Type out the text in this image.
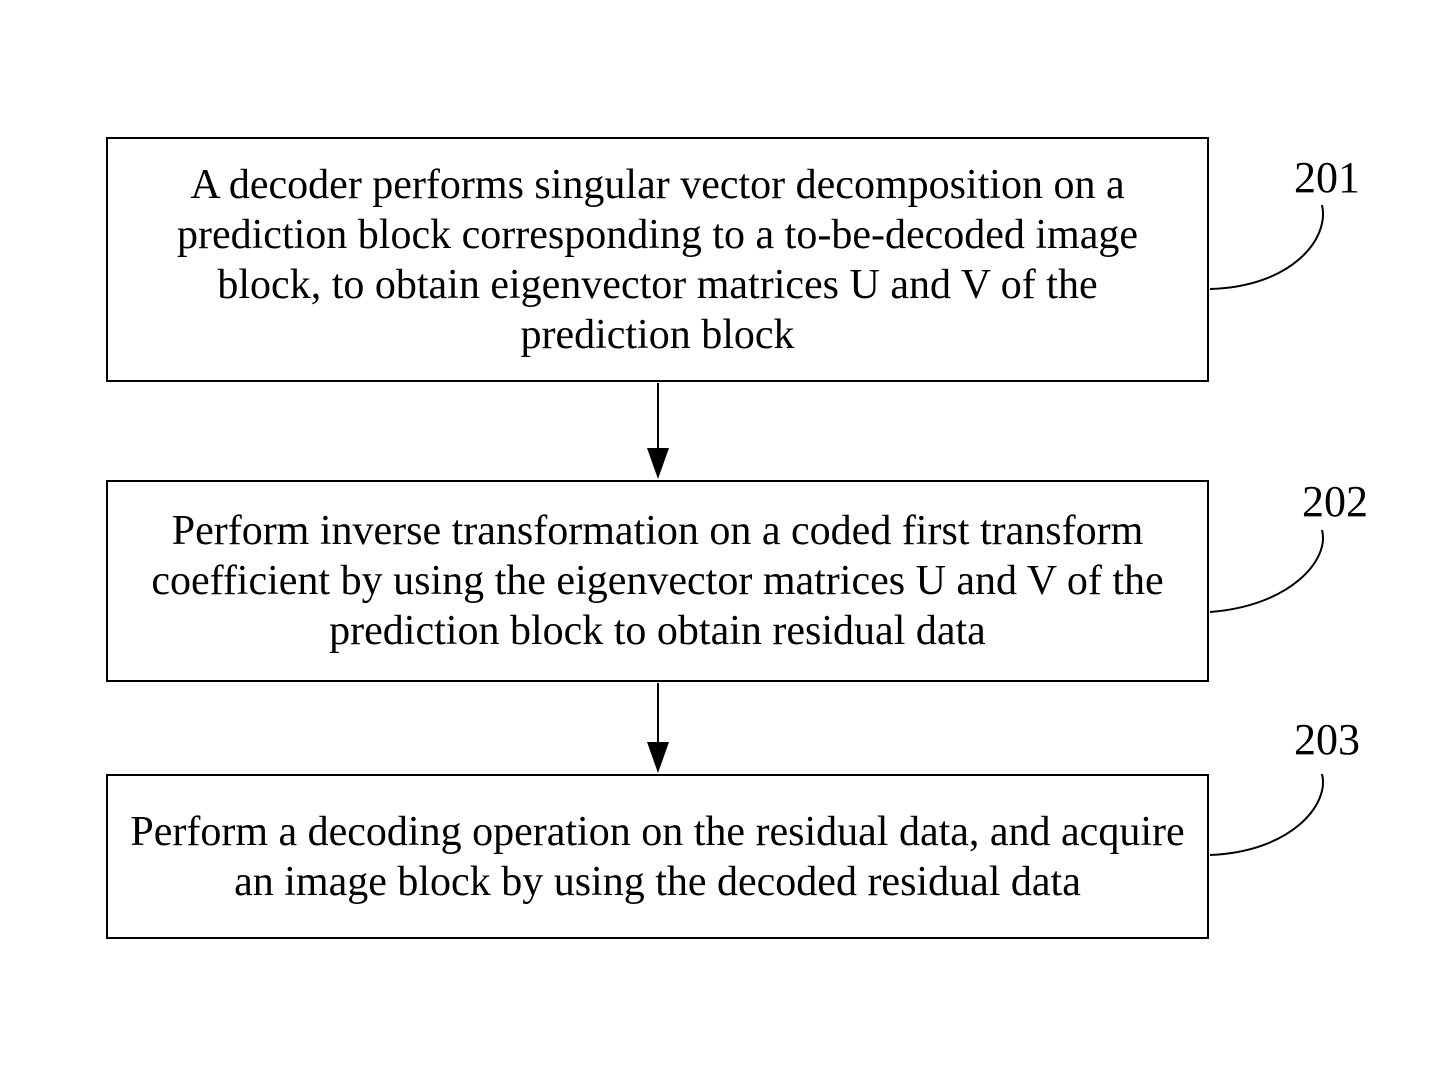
A decoder performs singular vector decomposition on a prediction block corresponding to a to-be-decoded image block, to obtain eigenvector matrices U and V of the prediction block
Perform inverse transformation on a coded first transform coefficient by using the eigenvector matrices U and V of the prediction block to obtain residual data
Perform a decoding operation on the residual data, and acquire an image block by using the decoded residual data
201
202
203
